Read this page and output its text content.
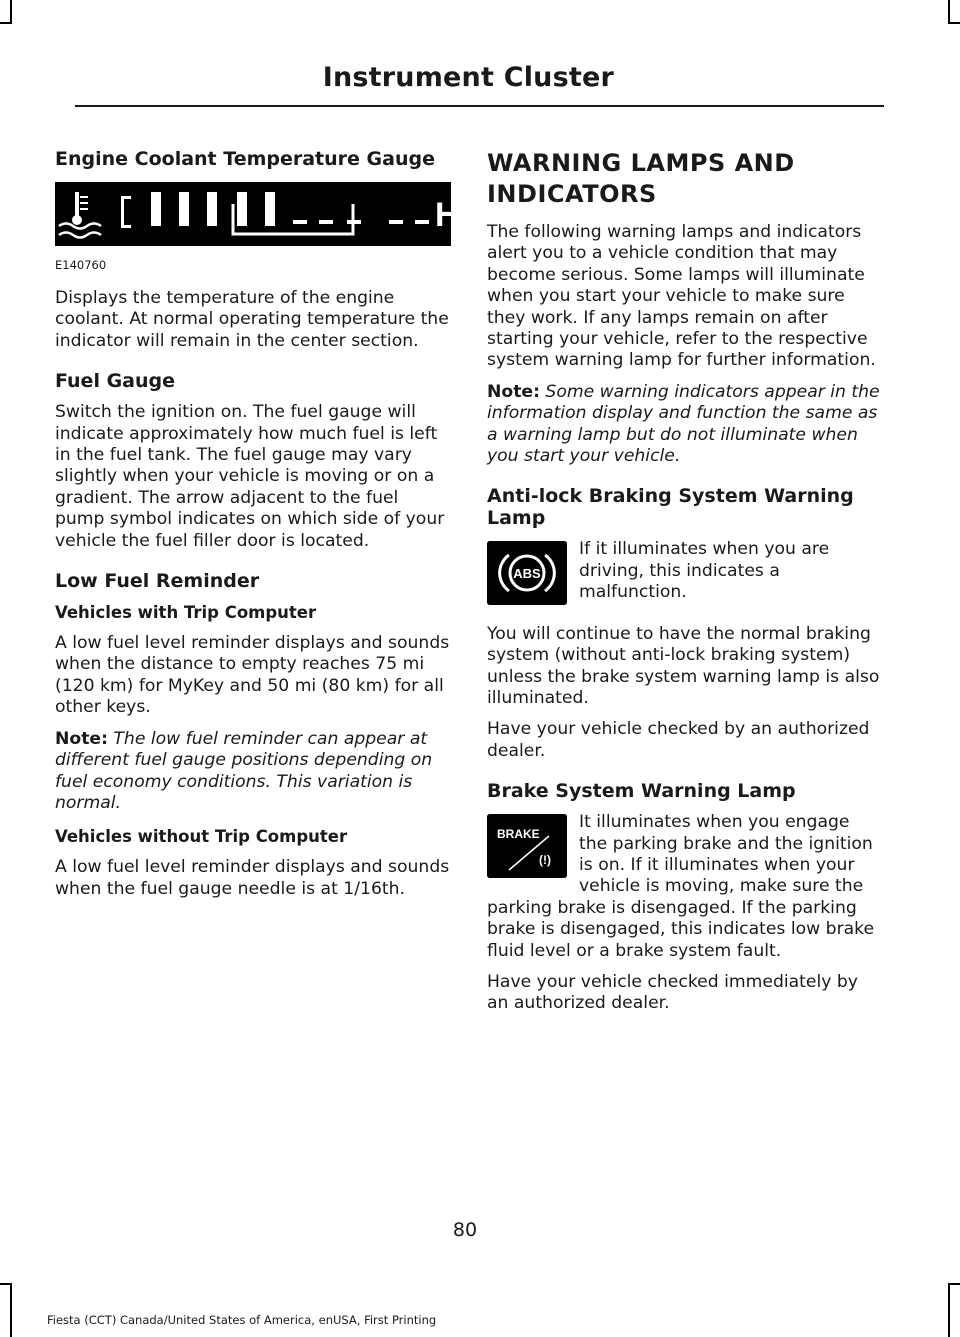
Instrument Cluster
Engine Coolant Temperature Gauge
H
E140760

Displays the temperature of the engine coolant. At normal operating temperature the indicator will remain in the center section.

Fuel Gauge

Switch the ignition on. The fuel gauge will indicate approximately how much fuel is left in the fuel tank. The fuel gauge may vary slightly when your vehicle is moving or on a gradient. The arrow adjacent to the fuel pump symbol indicates on which side of your vehicle the fuel filler door is located.

Low Fuel Reminder
Vehicles with Trip Computer

A low fuel level reminder displays and sounds when the distance to empty reaches 75 mi (120 km) for MyKey and 50 mi (80 km) for all other keys.

Note: The low fuel reminder can appear at different fuel gauge positions depending on fuel economy conditions. This variation is normal.

Vehicles without Trip Computer

A low fuel level reminder displays and sounds when the fuel gauge needle is at 1/16th.

WARNING LAMPS AND
INDICATORS

The following warning lamps and indicators alert you to a vehicle condition that may become serious. Some lamps will illuminate when you start your vehicle to make sure they work. If any lamps remain on after starting your vehicle, refer to the respective system warning lamp for further information.

Note: Some warning indicators appear in the information display and function the same as a warning lamp but do not illuminate when you start your vehicle.

Anti-lock Braking System Warning Lamp
ABS

If it illuminates when you are driving, this indicates a malfunction.

You will continue to have the normal braking system (without anti-lock braking system) unless the brake system warning lamp is also illuminated.

Have your vehicle checked by an authorized dealer.

Brake System Warning Lamp
BRAKE
(!)

It illuminates when you engage the parking brake and the ignition is on. If it illuminates when your vehicle is moving, make sure the parking brake is disengaged. If the parking brake is disengaged, this indicates low brake fluid level or a brake system fault.

Have your vehicle checked immediately by an authorized dealer.

80
Fiesta (CCT) Canada/United States of America, enUSA, First Printing
